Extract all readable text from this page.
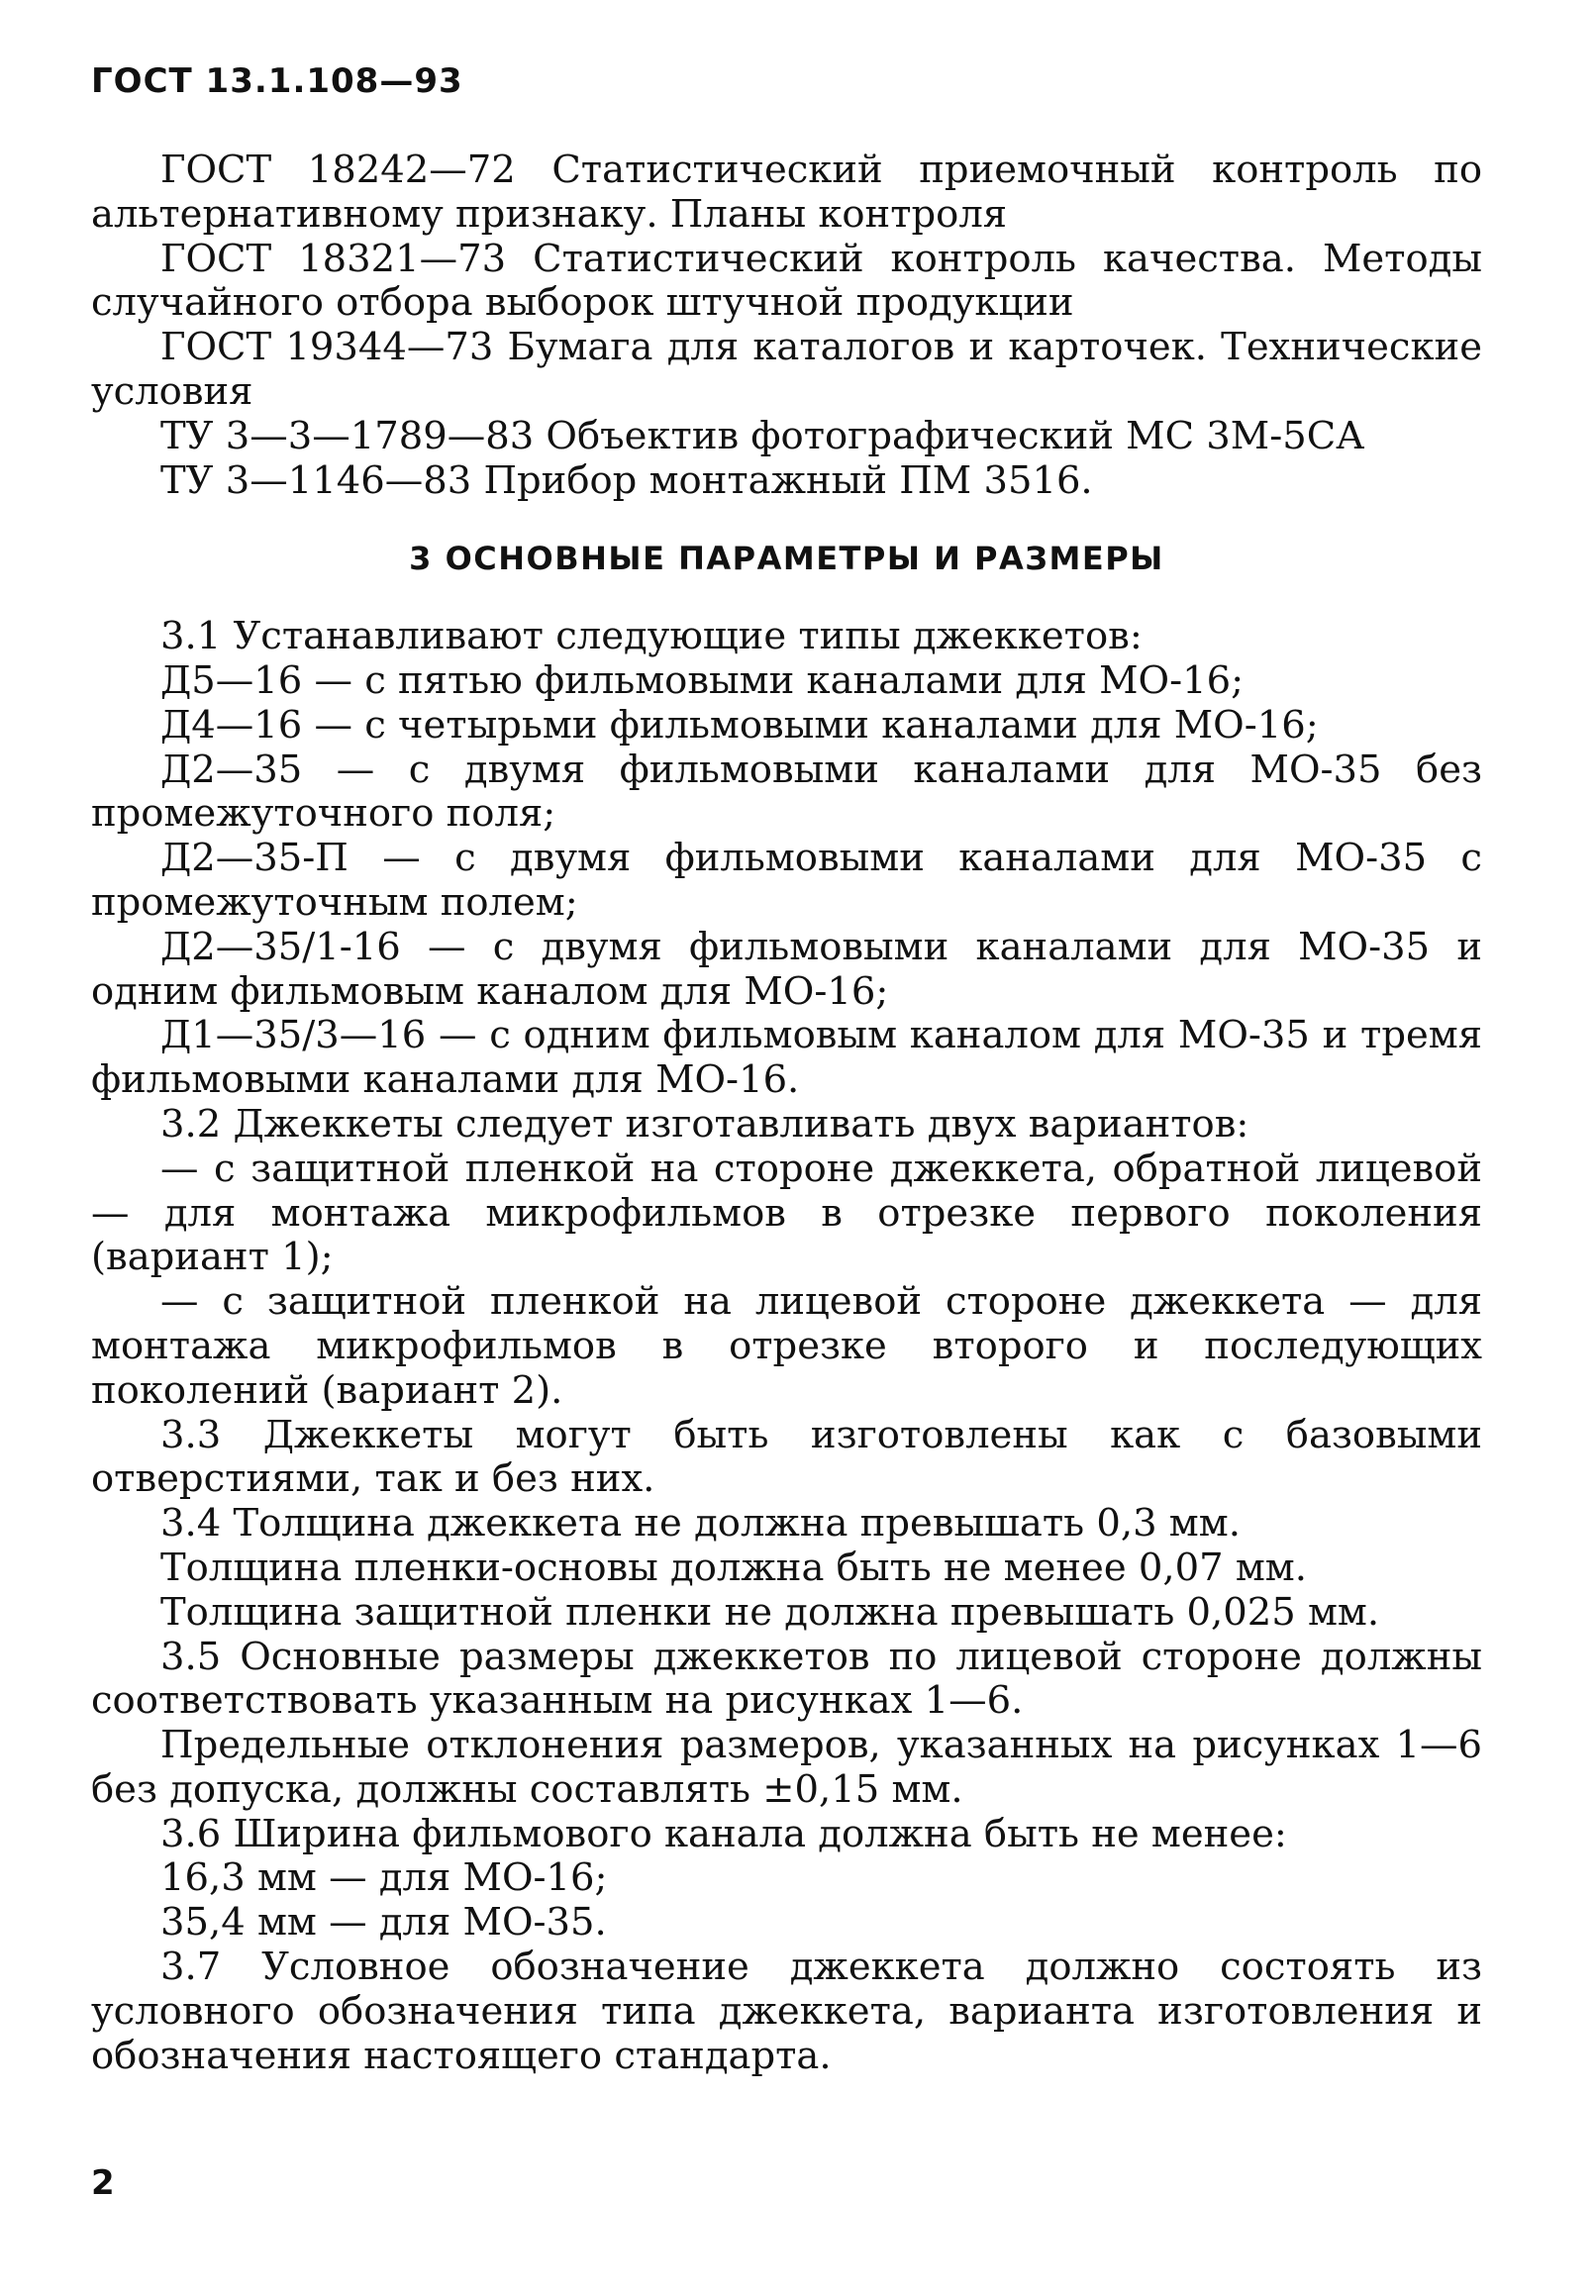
ГОСТ 13.1.108—93

ГОСТ 18242—72 Статистический приемочный контроль по альтернативному признаку. Планы контроля

ГОСТ 18321—73 Статистический контроль качества. Методы случайного отбора выборок штучной продукции

ГОСТ 19344—73 Бумага для каталогов и карточек. Технические условия

ТУ 3—3—1789—83 Объектив фотографический МС 3М-5СА

ТУ 3—1146—83 Прибор монтажный ПМ 3516.

3 ОСНОВНЫЕ ПАРАМЕТРЫ И РАЗМЕРЫ

3.1 Устанавливают следующие типы джеккетов:

Д5—16 — с пятью фильмовыми каналами для МО-16;

Д4—16 — с четырьми фильмовыми каналами для МО-16;

Д2—35 — с двумя фильмовыми каналами для МО-35 без промежуточного поля;

Д2—35-П — с двумя фильмовыми каналами для МО-35 с промежуточным полем;

Д2—35/1-16 — с двумя фильмовыми каналами для МО-35 и одним фильмовым каналом для МО-16;

Д1—35/3—16 — с одним фильмовым каналом для МО-35 и тремя фильмовыми каналами для МО-16.

3.2 Джеккеты следует изготавливать двух вариантов:

— с защитной пленкой на стороне джеккета, обратной лицевой — для монтажа микрофильмов в отрезке первого поколения (вариант 1);

— с защитной пленкой на лицевой стороне джеккета — для монтажа микрофильмов в отрезке второго и последующих поколений (вариант 2).

3.3 Джеккеты могут быть изготовлены как с базовыми отверстиями, так и без них.

3.4 Толщина джеккета не должна превышать 0,3 мм.

Толщина пленки-основы должна быть не менее 0,07 мм.

Толщина защитной пленки не должна превышать 0,025 мм.

3.5 Основные размеры джеккетов по лицевой стороне должны соответствовать указанным на рисунках 1—6.

Предельные отклонения размеров, указанных на рисунках 1—6 без допуска, должны составлять ±0,15 мм.

3.6 Ширина фильмового канала должна быть не менее:

16,3 мм — для МО-16;

35,4 мм — для МО-35.

3.7 Условное обозначение джеккета должно состоять из условного обозначения типа джеккета, варианта изготовления и обозначения настоящего стандарта.

2
